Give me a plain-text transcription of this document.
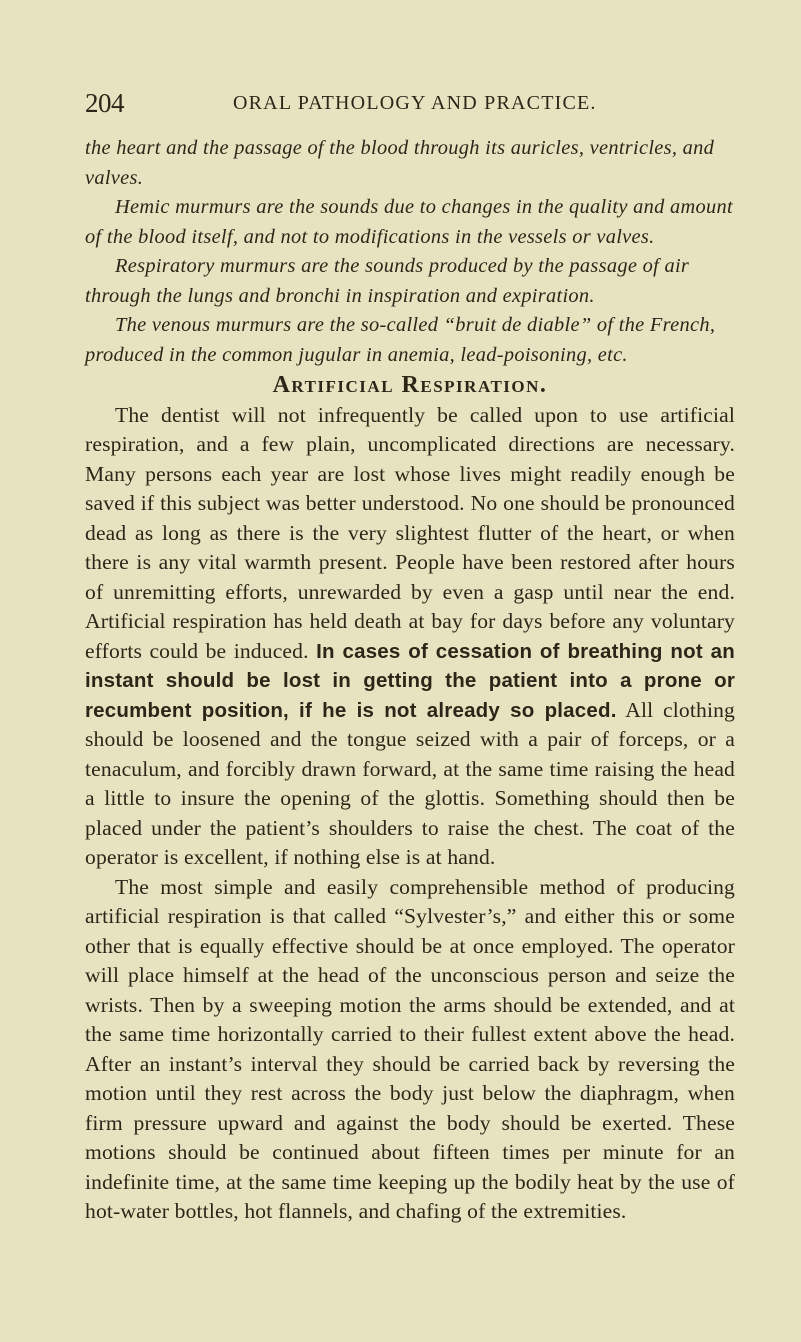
204	ORAL PATHOLOGY AND PRACTICE.

the heart and the passage of the blood through its auricles, ventricles, and valves.

Hemic murmurs are the sounds due to changes in the quality and amount of the blood itself, and not to modifications in the vessels or valves.

Respiratory murmurs are the sounds produced by the passage of air through the lungs and bronchi in inspiration and expiration.

The venous murmurs are the so-called “bruit de diable” of the French, produced in the common jugular in anemia, lead-poisoning, etc.

Artificial Respiration.

The dentist will not infrequently be called upon to use artificial respiration, and a few plain, uncomplicated directions are necessary. Many persons each year are lost whose lives might readily enough be saved if this subject was better understood. No one should be pronounced dead as long as there is the very slightest flutter of the heart, or when there is any vital warmth present. People have been restored after hours of unremitting efforts, unrewarded by even a gasp until near the end. Artificial respiration has held death at bay for days before any voluntary efforts could be induced. In cases of cessation of breathing not an instant should be lost in getting the patient into a prone or recumbent position, if he is not already so placed. All clothing should be loosened and the tongue seized with a pair of forceps, or a tenaculum, and forcibly drawn forward, at the same time raising the head a little to insure the opening of the glottis. Something should then be placed under the patient’s shoulders to raise the chest. The coat of the operator is excellent, if nothing else is at hand.

The most simple and easily comprehensible method of producing artificial respiration is that called “Sylvester’s,” and either this or some other that is equally effective should be at once employed. The operator will place himself at the head of the unconscious person and seize the wrists. Then by a sweeping motion the arms should be extended, and at the same time horizontally carried to their fullest extent above the head. After an instant’s interval they should be carried back by reversing the motion until they rest across the body just below the diaphragm, when firm pressure upward and against the body should be exerted. These motions should be continued about fifteen times per minute for an indefinite time, at the same time keeping up the bodily heat by the use of hot-water bottles, hot flannels, and chafing of the extremities.
